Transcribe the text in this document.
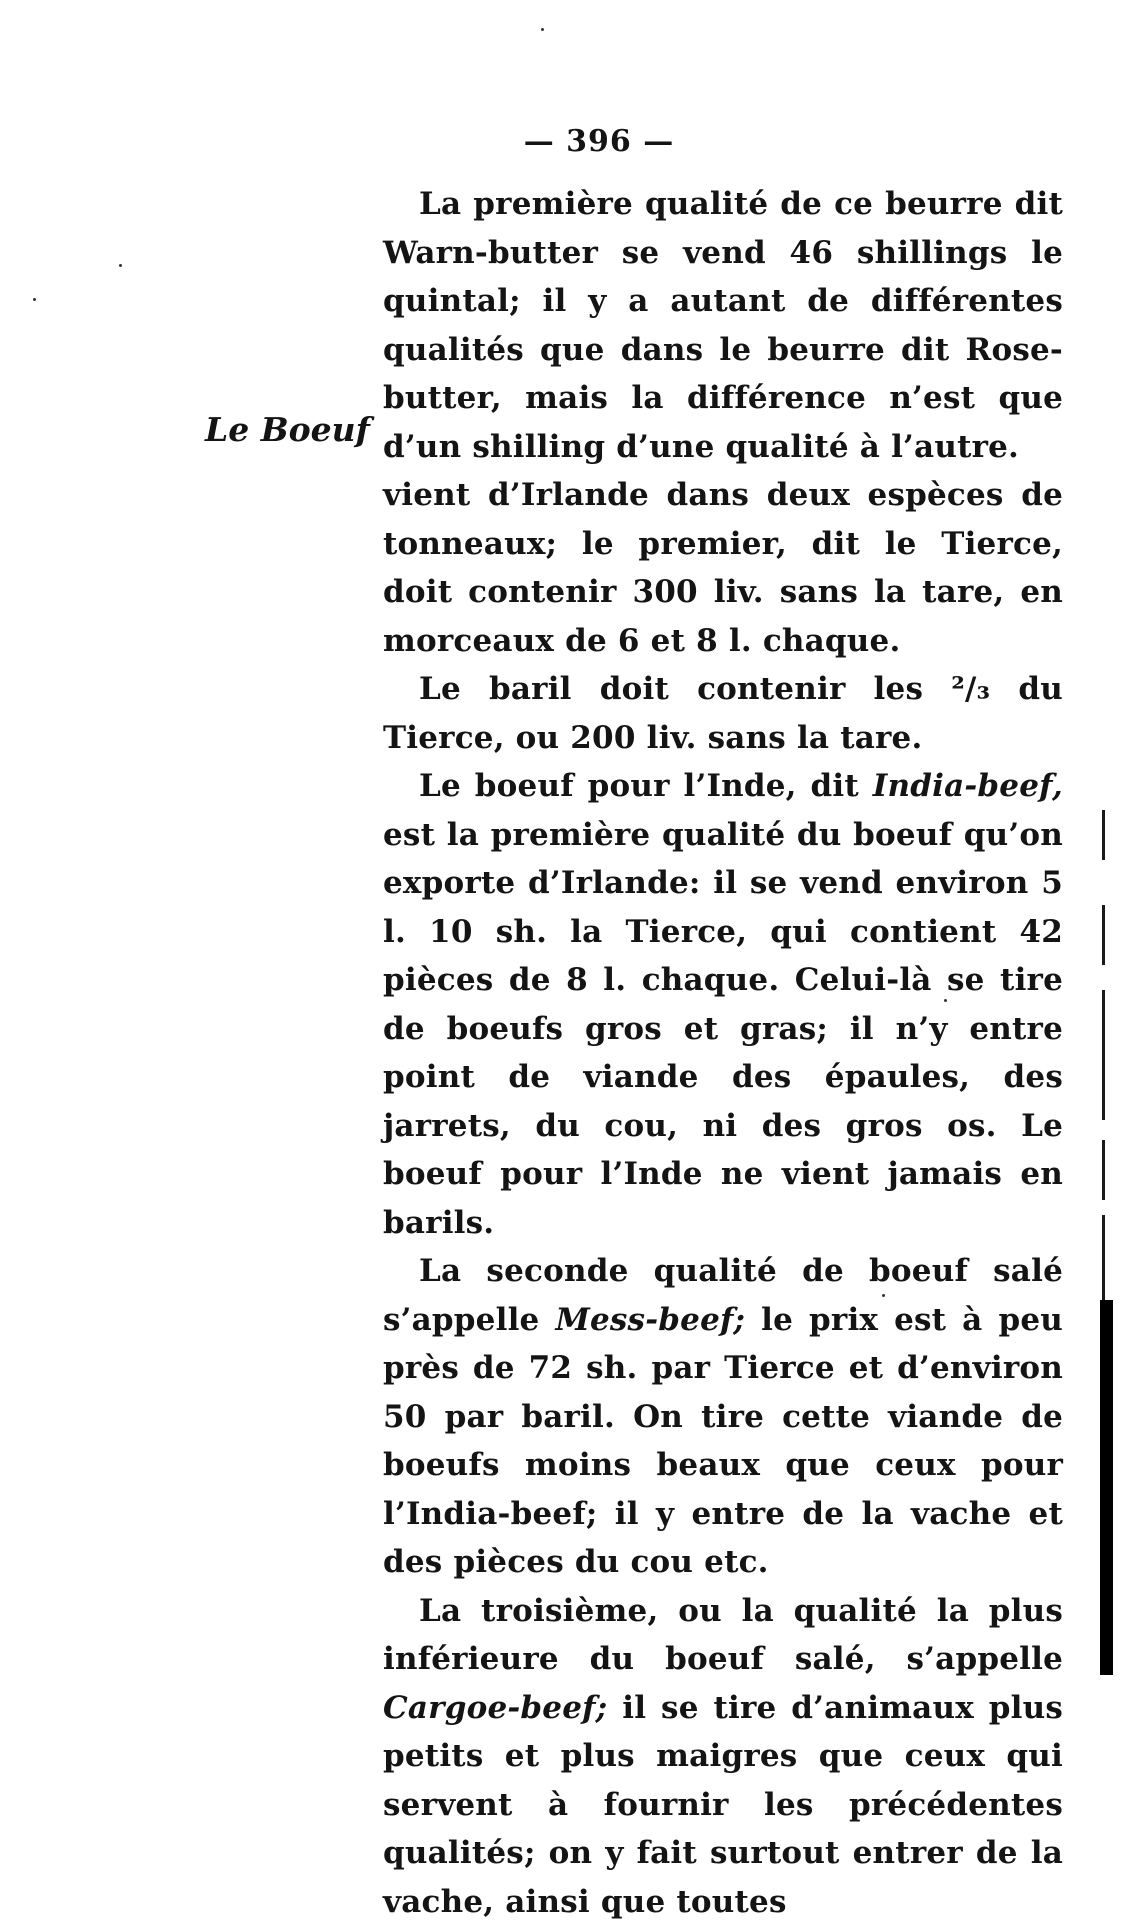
— 396 —
Le Boeuf

La première qualité de ce beurre dit Warn-butter se vend 46 shillings le quintal; il y a autant de différentes qualités que dans le beurre dit Rose-butter, mais la différence n’est que d’un shilling d’une qualité à l’autre.

vient d’Irlande dans deux espèces de tonneaux; le premier, dit le Tierce, doit contenir 300 liv. sans la tare, en morceaux de 6 et 8 l. chaque.

Le baril doit contenir les ²/₃ du Tierce, ou 200 liv. sans la tare.

Le boeuf pour l’Inde, dit India-beef, est la première qualité du boeuf qu’on exporte d’Irlande: il se vend environ 5 l. 10 sh. la Tierce, qui contient 42 pièces de 8 l. chaque. Celui-là se tire de boeufs gros et gras; il n’y entre point de viande des épaules, des jarrets, du cou, ni des gros os. Le boeuf pour l’Inde ne vient jamais en barils.

La seconde qualité de boeuf salé s’appelle Mess-beef; le prix est à peu près de 72 sh. par Tierce et d’environ 50 par baril. On tire cette viande de boeufs moins beaux que ceux pour l’India-beef; il y entre de la vache et des pièces du cou etc.

La troisième, ou la qualité la plus inférieure du boeuf salé, s’appelle Cargoe-beef; il se tire d’animaux plus petits et plus maigres que ceux qui servent à fournir les précédentes qualités; on y fait surtout entrer de la vache, ainsi que toutes
